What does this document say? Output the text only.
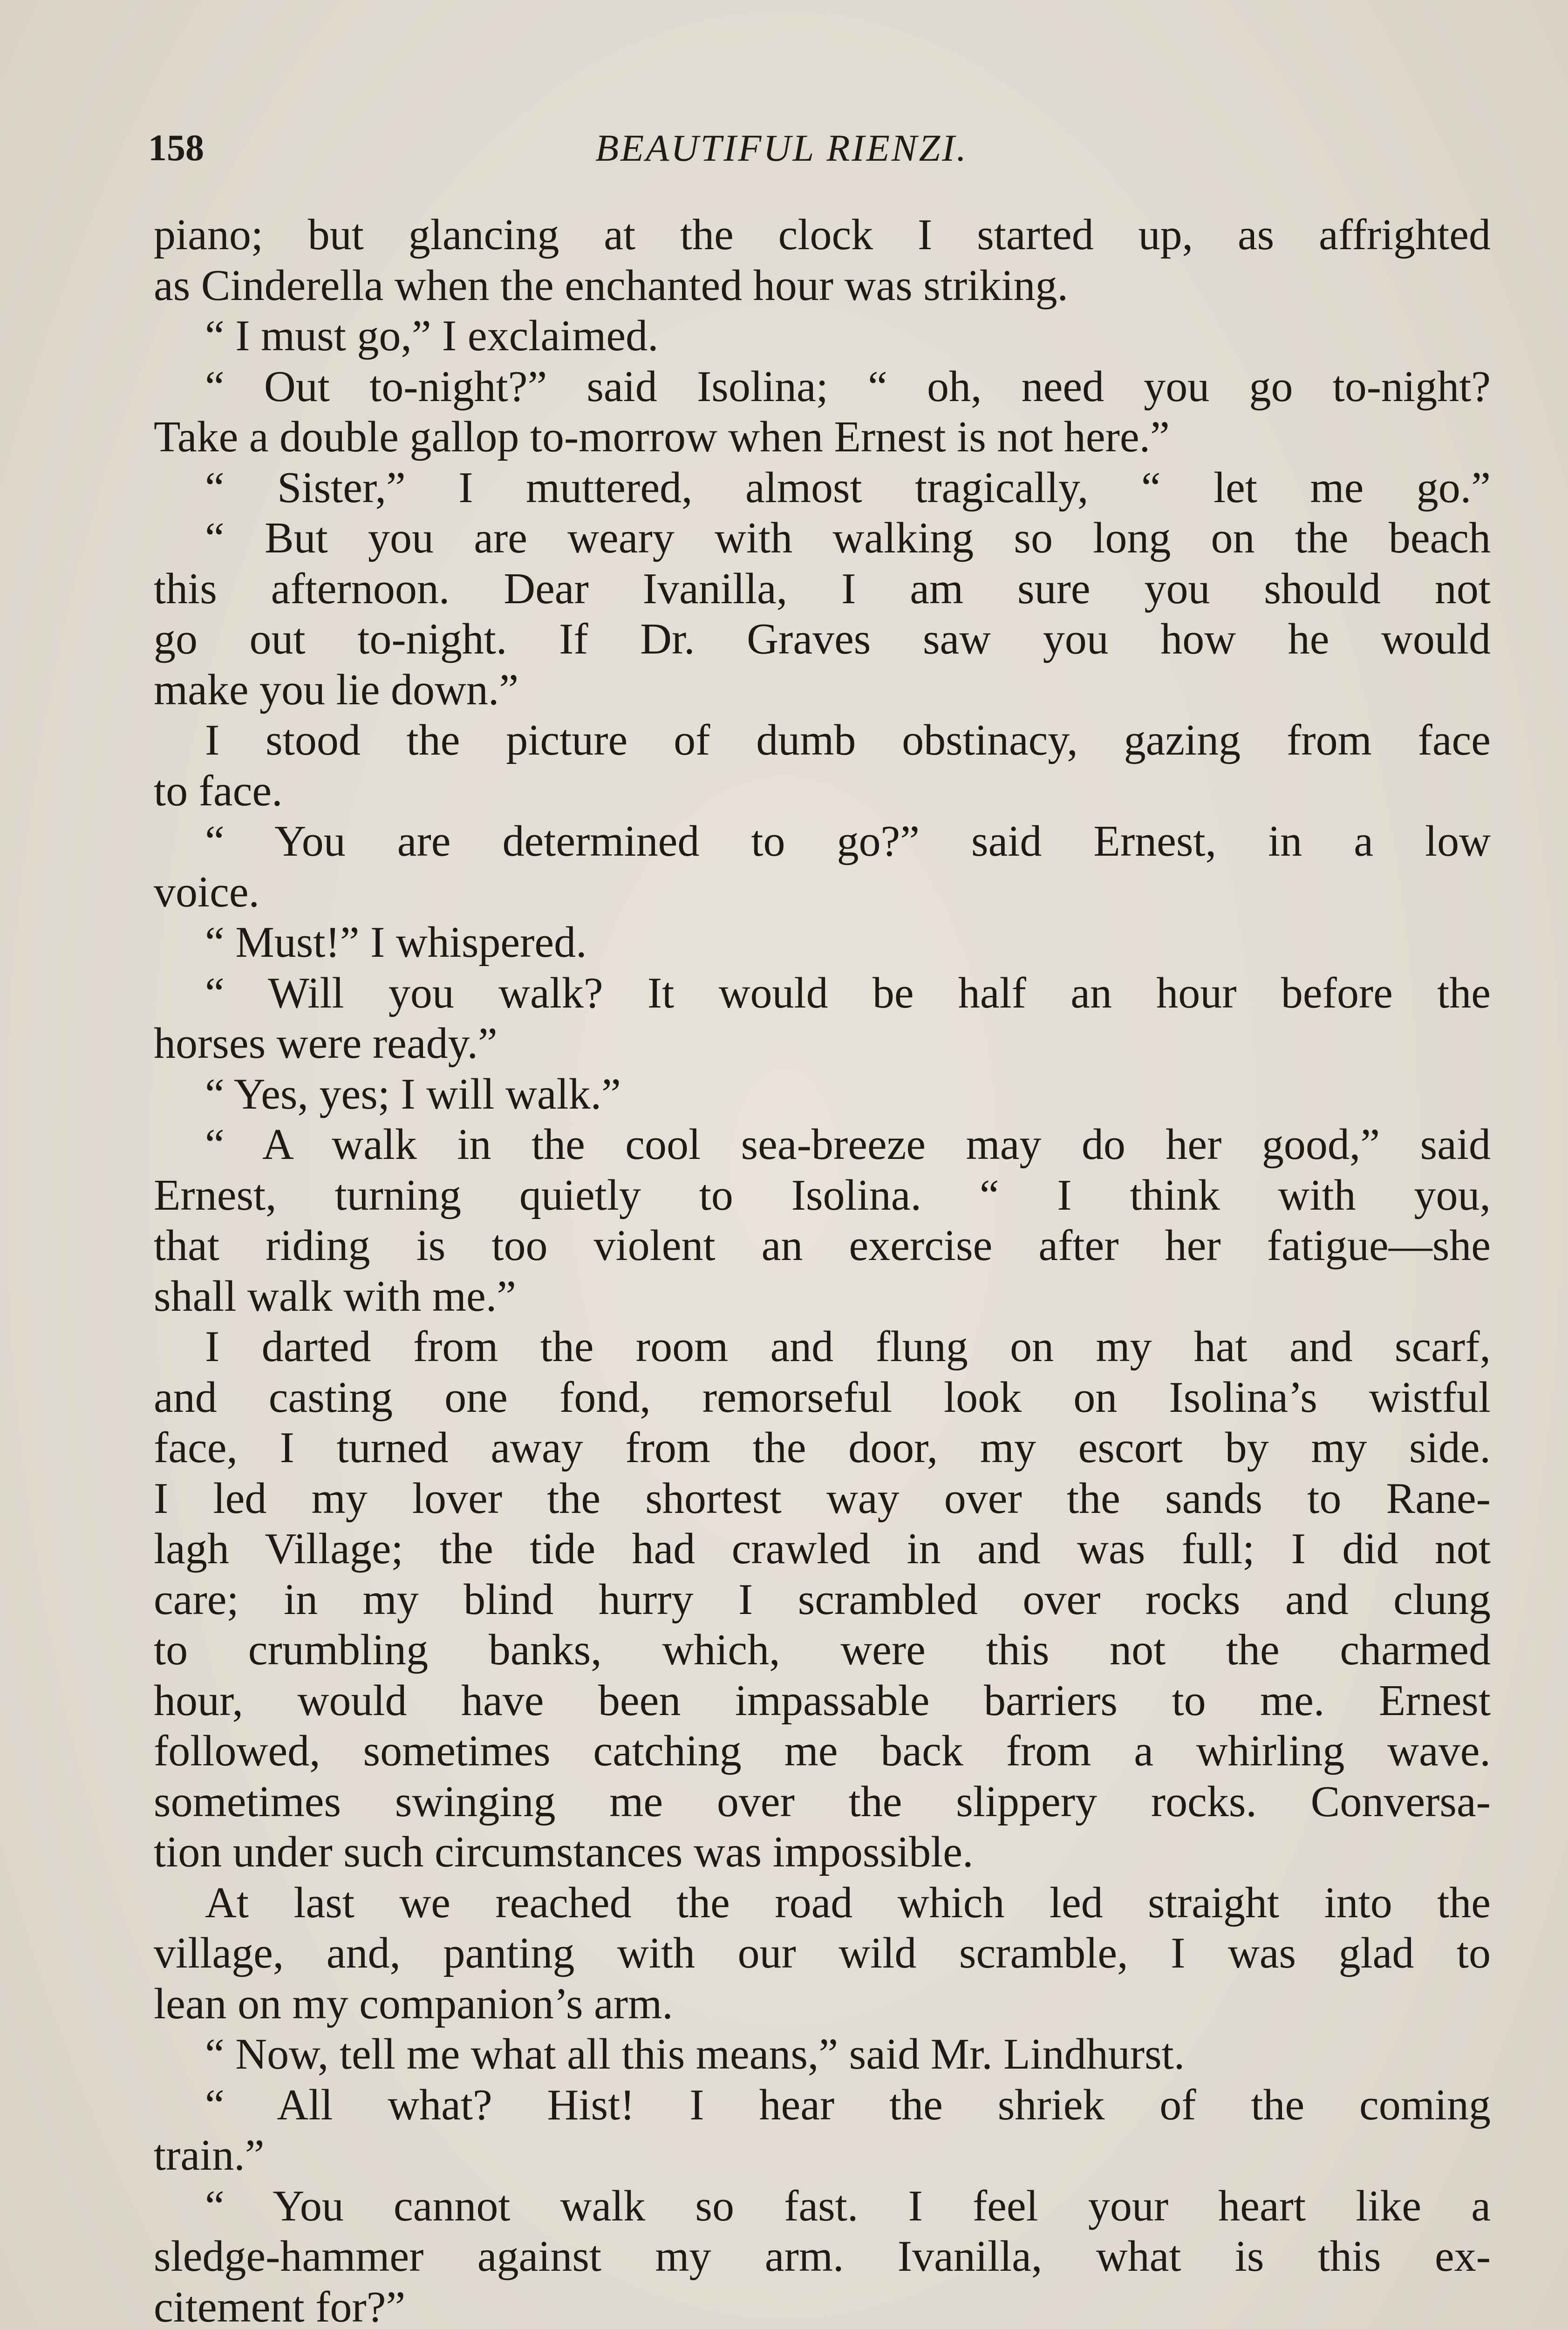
158	BEAUTIFUL RIENZI.
piano; but glancing at the clock I started up, as affrighted
as Cinderella when the enchanted hour was striking.
“ I must go,” I exclaimed.
“ Out to-night?” said Isolina; “ oh, need you go to-night?
Take a double gallop to-morrow when Ernest is not here.”
“ Sister,” I muttered, almost tragically, “ let me go.”
“ But you are weary with walking so long on the beach
this afternoon. Dear Ivanilla, I am sure you should not
go out to-night. If Dr. Graves saw you how he would
make you lie down.”
I stood the picture of dumb obstinacy, gazing from face
to face.
“ You are determined to go?” said Ernest, in a low
voice.
“ Must!” I whispered.
“ Will you walk? It would be half an hour before the
horses were ready.”
“ Yes, yes; I will walk.”
“ A walk in the cool sea-breeze may do her good,” said
Ernest, turning quietly to Isolina. “ I think with you,
that riding is too violent an exercise after her fatigue—she
shall walk with me.”
I darted from the room and flung on my hat and scarf,
and casting one fond, remorseful look on Isolina’s wistful
face, I turned away from the door, my escort by my side.
I led my lover the shortest way over the sands to Rane-
lagh Village; the tide had crawled in and was full; I did not
care; in my blind hurry I scrambled over rocks and clung
to crumbling banks, which, were this not the charmed
hour, would have been impassable barriers to me. Ernest
followed, sometimes catching me back from a whirling wave.
sometimes swinging me over the slippery rocks. Conversa-
tion under such circumstances was impossible.
At last we reached the road which led straight into the
village, and, panting with our wild scramble, I was glad to
lean on my companion’s arm.
“ Now, tell me what all this means,” said Mr. Lindhurst.
“ All what? Hist! I hear the shriek of the coming
train.”
“ You cannot walk so fast. I feel your heart like a
sledge-hammer against my arm. Ivanilla, what is this ex-
citement for?”
